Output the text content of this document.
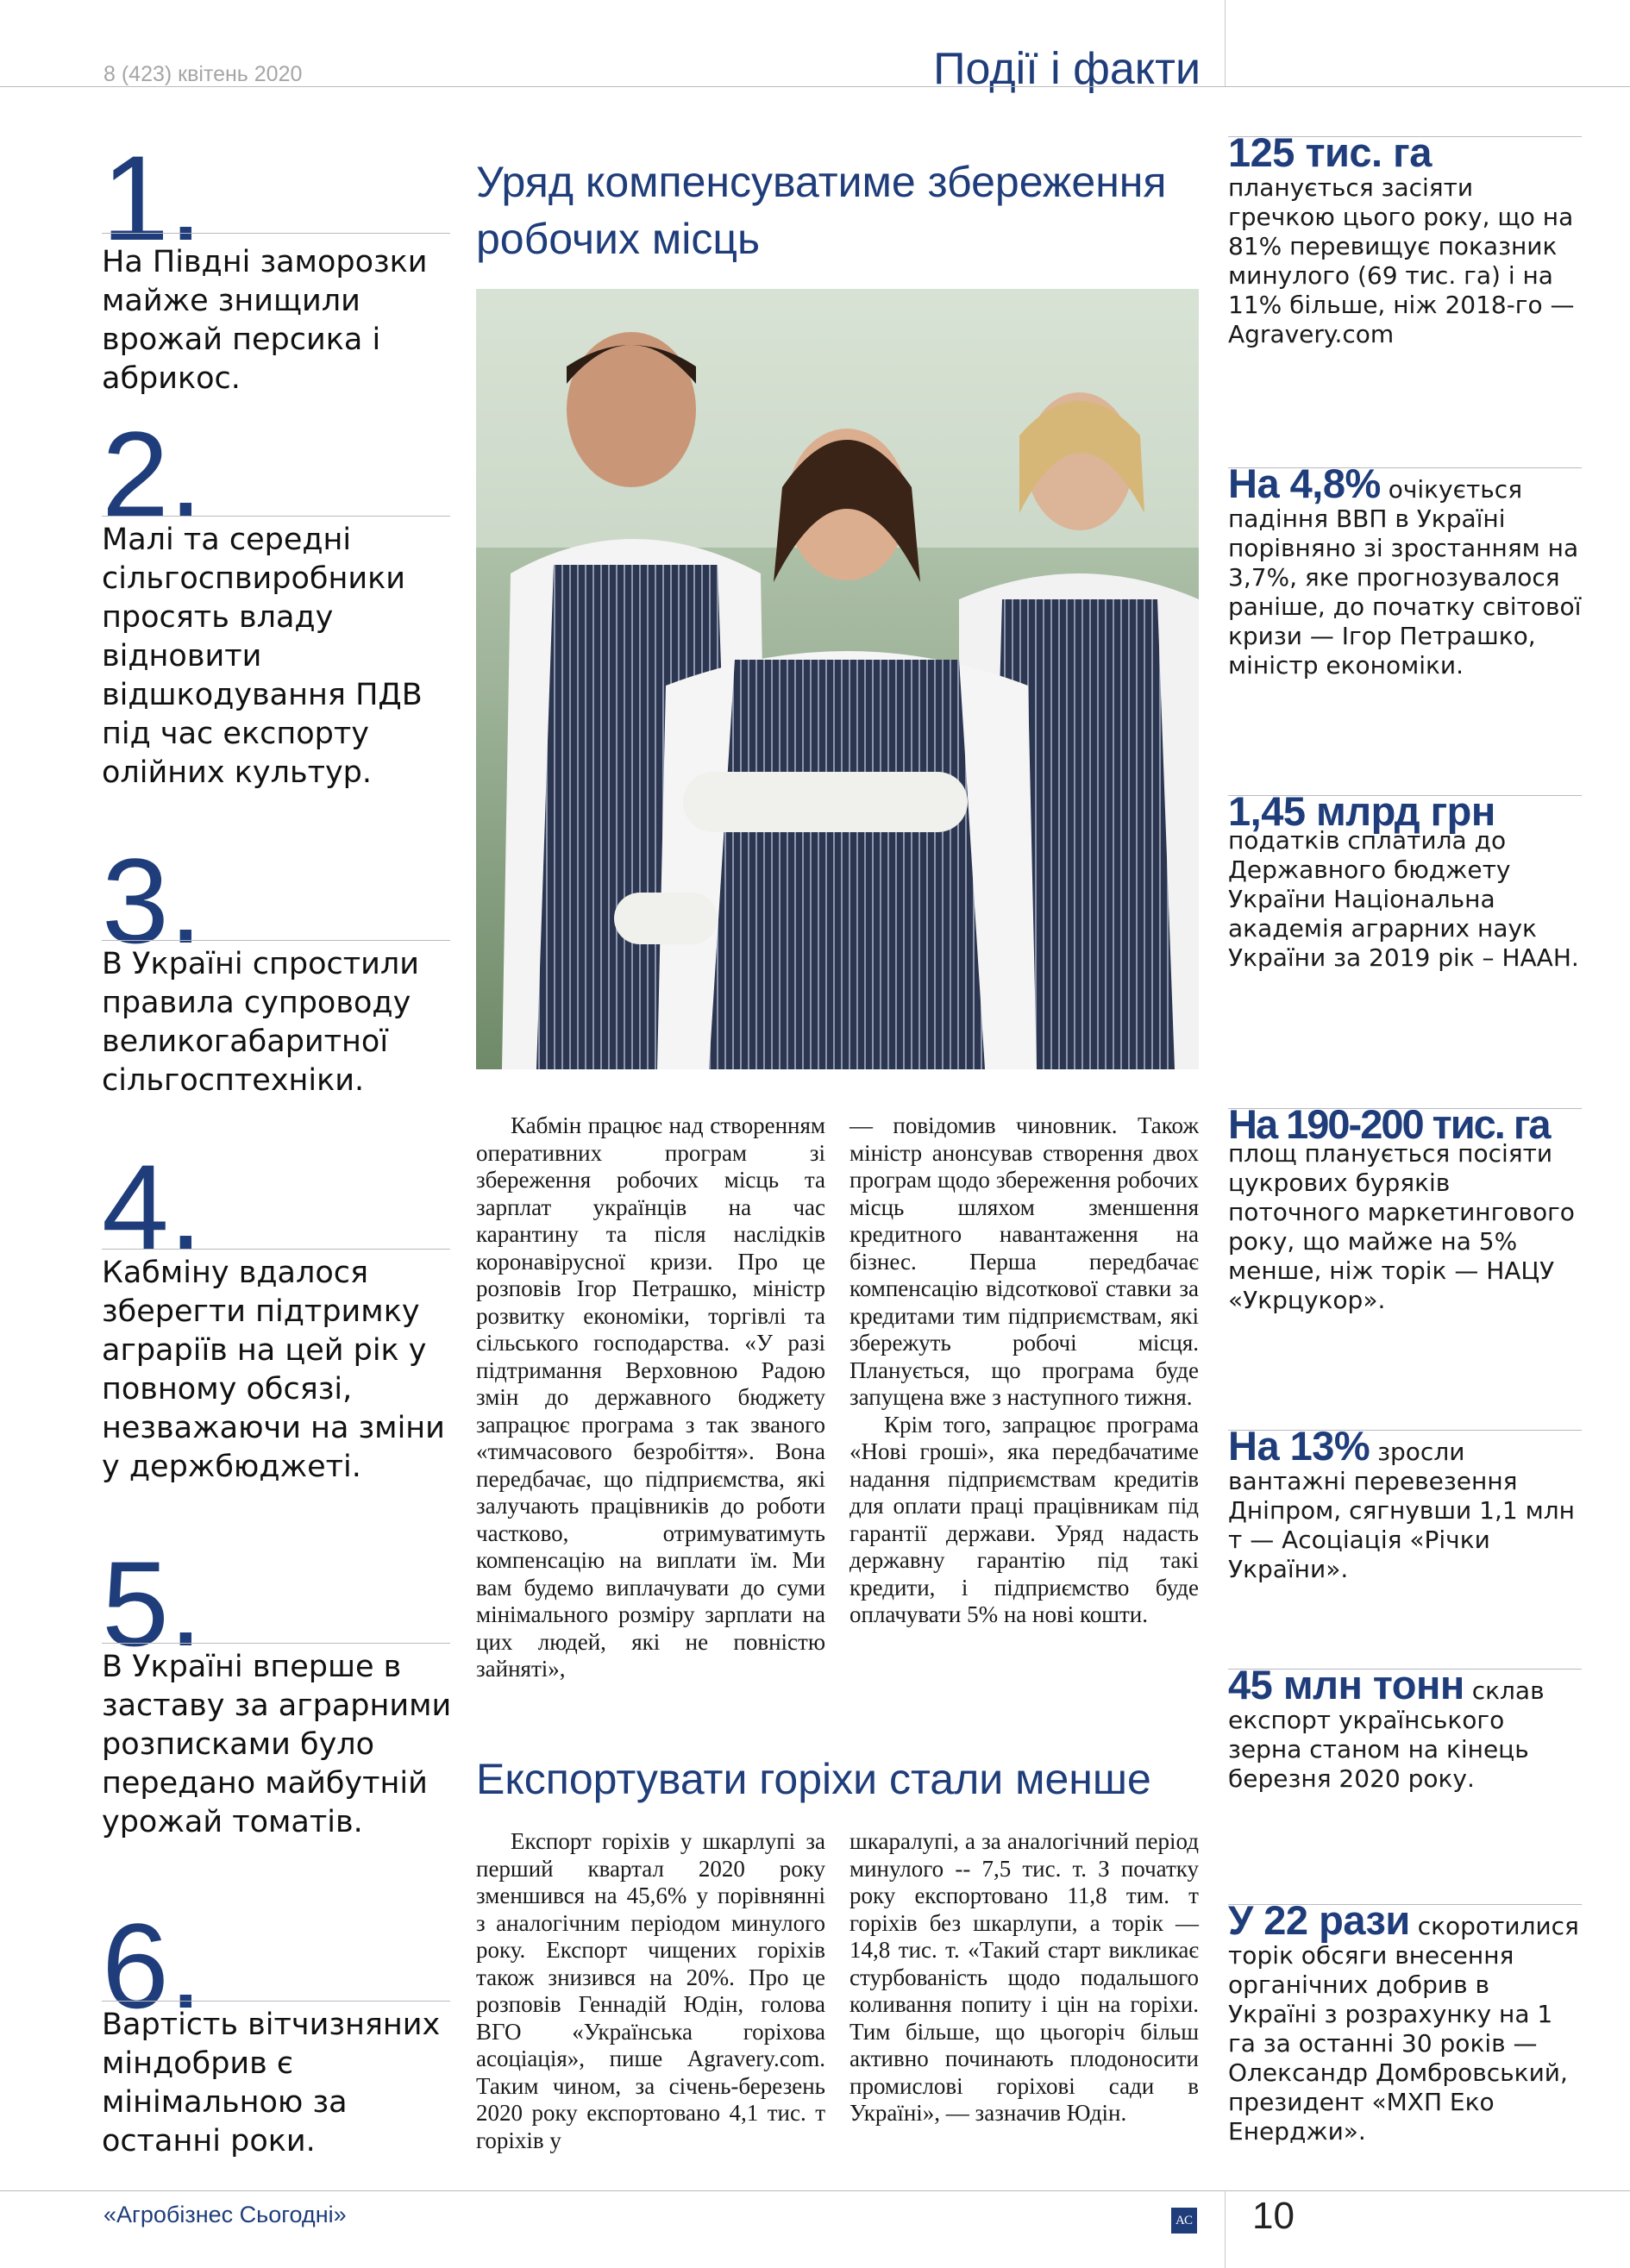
8 (423) квітень 2020	Події і факти
1.
На Півдні заморозки майже знищили врожай персика і абрикос.
2.
Малі та середні сільгоспвиробники просять владу відновити відшкодування ПДВ під час експорту олійних культур.
3.
В Україні спростили правила супроводу великогабаритної сільгосптехніки.
4.
Кабміну вдалося зберегти підтримку аграріїв на цей рік у повному обсязі, незважаючи на зміни у держбюджеті.
5.
В Україні вперше в заставу за аграрними розписками було передано майбутній урожай томатів.
6.
Вартість вітчизняних міндобрив є мінімальною за останні роки.
Уряд компенсуватиме збереження робочих місць

Кабмін працює над створенням оперативних програм зі збереження робочих місць та зарплат українців на час карантину та після наслідків коронавірусної кризи. Про це розповів Ігор Петрашко, міністр розвитку економіки, торгівлі та сільського господарства. «У разі підтримання Верховною Радою змін до державного бюджету запрацює програма з так званого «тимчасового безробіття». Вона передбачає, що підприємства, які залучають працівників до роботи частково, отримуватимуть компенсацію на виплати їм. Ми вам будемо виплачувати до суми мінімального розміру зарплати на цих людей, які не повністю зайняті»,

— повідомив чиновник. Також міністр анонсував створення двох програм щодо збереження робочих місць шляхом зменшення кредитного навантаження на бізнес. Перша передбачає компенсацію відсоткової ставки за кредитами тим підприємствам, які збережуть робочі місця. Планується, що програма буде запущена вже з наступного тижня.

Крім того, запрацює програма «Нові гроші», яка передбачатиме надання підприємствам кредитів для оплати праці працівникам під гарантії держави. Уряд надасть державну гарантію під такі кредити, і підприємство буде оплачувати 5% на нові кошти.

Експортувати горіхи стали менше

Експорт горіхів у шкарлупі за перший квартал 2020 року зменшився на 45,6% у порівнянні з аналогічним періодом минулого року. Експорт чищених горіхів також знизився на 20%. Про це розповів Геннадій Юдін, голова ВГО «Українська горіхова асоціація», пише Agravery.com. Таким чином, за січень-березень 2020 року експортовано 4,1 тис. т горіхів у

шкаралупі, а за аналогічний період минулого -- 7,5 тис. т. З початку року експортовано 11,8 тим. т горіхів без шкарлупи, а торік — 14,8 тис. т. «Такий старт викликає стурбованість щодо подальшого коливання попиту і цін на горіхи. Тим більше, що цьогоріч більш активно починають плодоносити промислові горіхові сади в Україні», — зазначив Юдін.

125 тис. га планується засіяти гречкою цього року, що на 81% перевищує показник минулого (69 тис. га) і на 11% більше, ніж 2018-го — Agravery.com
На 4,8% очікується падіння ВВП в Україні порівняно зі зростанням на 3,7%, яке прогнозувалося раніше, до початку світової кризи — Ігор Петрашко, міністр економіки.
1,45 млрд грн
податків сплатила до Державного бюджету України Національна академія аграрних наук України за 2019 рік – НААН.
На 190-200 тис. га
площ планується посіяти цукрових буряків поточного маркетингового року, що майже на 5% менше, ніж торік — НАЦУ «Укрцукор».
На 13% зросли вантажні перевезення Дніпром, сягнувши 1,1 млн т — Асоціація «Річки України».
45 млн тонн склав експорт українського зерна станом на кінець березня 2020 року.
У 22 рази скоротилися торік обсяги внесення органічних добрив в Україні з розрахунку на 1 га за останні 30 років — Олександр Домбровський, президент «МХП Еко Енерджи».
«Агробізнес Сьогодні»	АС 10
